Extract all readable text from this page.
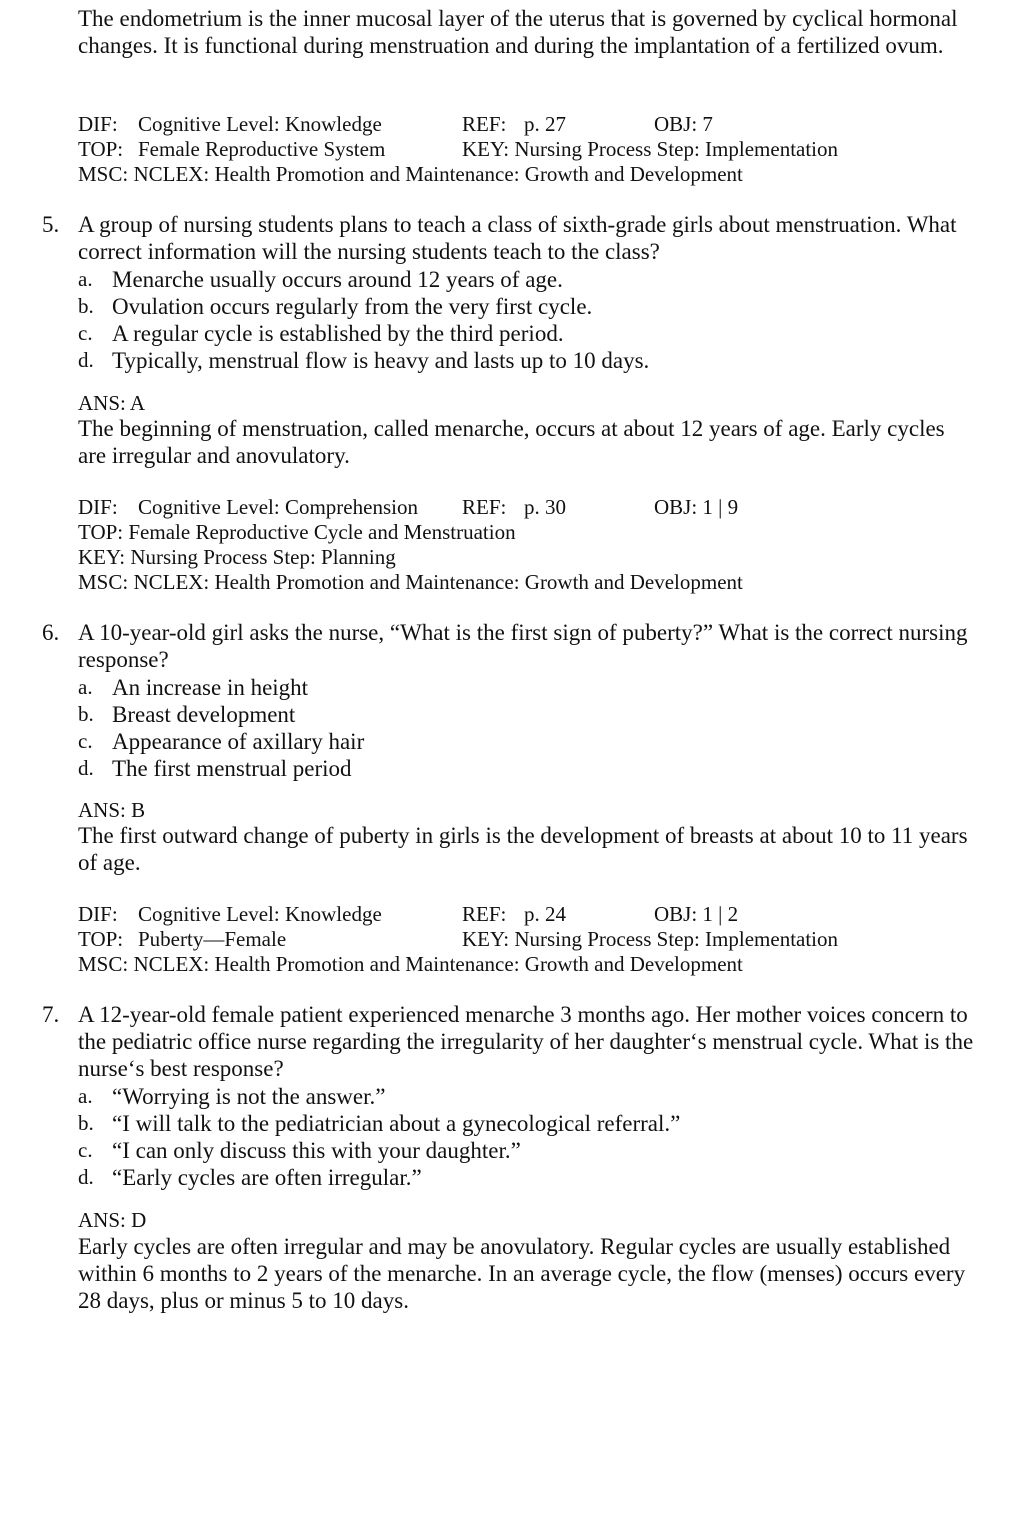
The endometrium is the inner mucosal layer of the uterus that is governed by cyclical hormonal changes. It is functional during menstruation and during the implantation of a fertilized ovum.

DIF: Cognitive Level: Knowledge	REF: p. 27	OBJ: 7
TOP: Female Reproductive System	KEY: Nursing Process Step: Implementation
MSC: NCLEX: Health Promotion and Maintenance: Growth and Development
5. A group of nursing students plans to teach a class of sixth-grade girls about menstruation. What correct information will the nursing students teach to the class?
a. Menarche usually occurs around 12 years of age.
b. Ovulation occurs regularly from the very first cycle.
c. A regular cycle is established by the third period.
d. Typically, menstrual flow is heavy and lasts up to 10 days.
ANS: A

The beginning of menstruation, called menarche, occurs at about 12 years of age. Early cycles are irregular and anovulatory.

DIF: Cognitive Level: Comprehension REF: p. 30	OBJ: 1 | 9
TOP: Female Reproductive Cycle and Menstruation
KEY: Nursing Process Step: Planning
MSC: NCLEX: Health Promotion and Maintenance: Growth and Development
6. A 10-year-old girl asks the nurse, “What is the first sign of puberty?” What is the correct nursing response?
a. An increase in height
b. Breast development
c. Appearance of axillary hair
d. The first menstrual period
ANS: B

The first outward change of puberty in girls is the development of breasts at about 10 to 11 years of age.

DIF: Cognitive Level: Knowledge	REF: p. 24	OBJ: 1 | 2
TOP: Puberty—Female	KEY: Nursing Process Step: Implementation
MSC: NCLEX: Health Promotion and Maintenance: Growth and Development
7. A 12-year-old female patient experienced menarche 3 months ago. Her mother voices concern to the pediatric office nurse regarding the irregularity of her daughter‘s menstrual cycle. What is the nurse‘s best response?
a. “Worrying is not the answer.”
b. “I will talk to the pediatrician about a gynecological referral.”
c. “I can only discuss this with your daughter.”
d. “Early cycles are often irregular.”
ANS: D

Early cycles are often irregular and may be anovulatory. Regular cycles are usually established within 6 months to 2 years of the menarche. In an average cycle, the flow (menses) occurs every 28 days, plus or minus 5 to 10 days.
